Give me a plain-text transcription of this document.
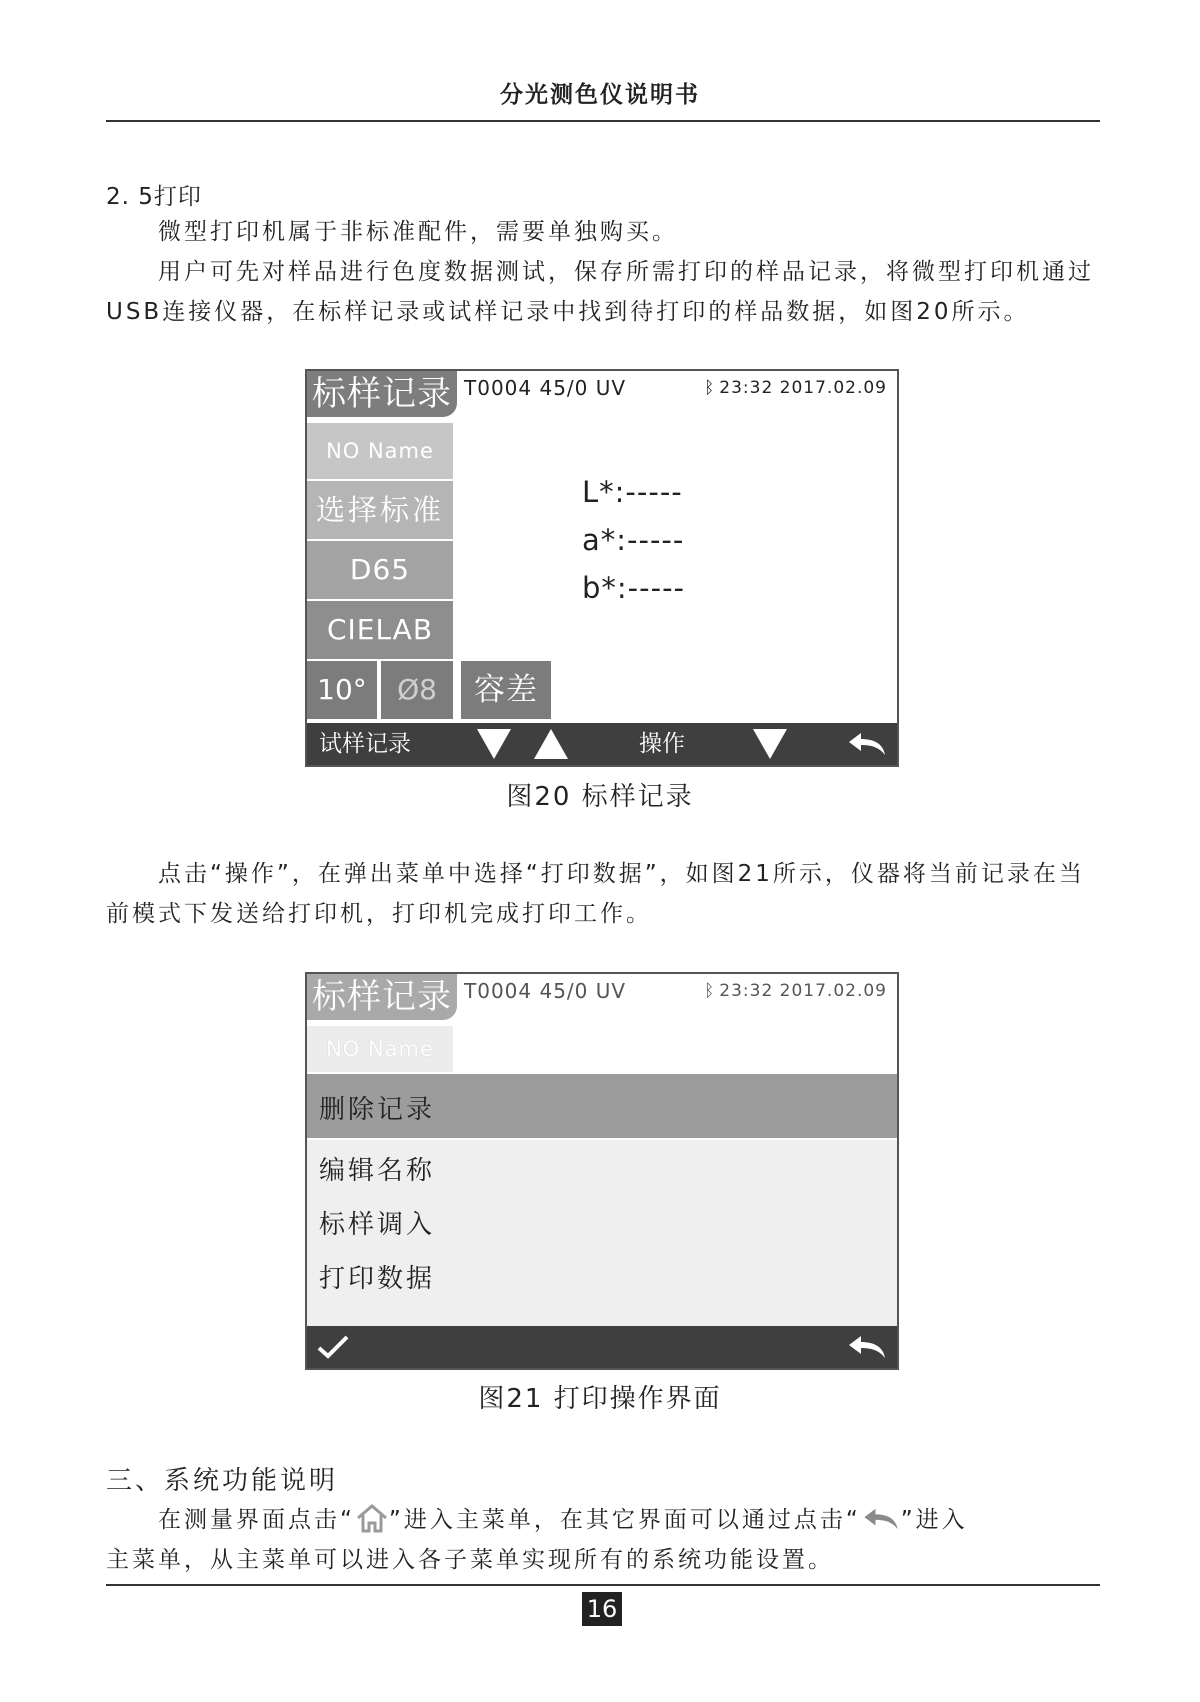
分光测色仪说明书
2. 5打印

微型打印机属于非标准配件，需要单独购买。

用户可先对样品进行色度数据测试，保存所需打印的样品记录，将微型打印机通过USB连接仪器，在标样记录或试样记录中找到待打印的样品数据，如图20所示。

标样记录 T0004 45/0 UV	ᛒ 23:32 2017.02.09
NO Name
选择标准
D65
CIELAB
10°	Ø8	容差
L*:-----
a*:-----
b*:-----
试样记录	操作
图20 标样记录

点击“操作”，在弹出菜单中选择“打印数据”，如图21所示，仪器将当前记录在当前模式下发送给打印机，打印机完成打印工作。

标样记录 T0004 45/0 UV	ᛒ 23:32 2017.02.09
NO Name
删除记录
编辑名称
标样调入
打印数据
图21 打印操作界面
三、系统功能说明
在测量界面点击“ ”进入主菜单，在其它界面可以通过点击“ ”进入
主菜单，从主菜单可以进入各子菜单实现所有的系统功能设置。
16
